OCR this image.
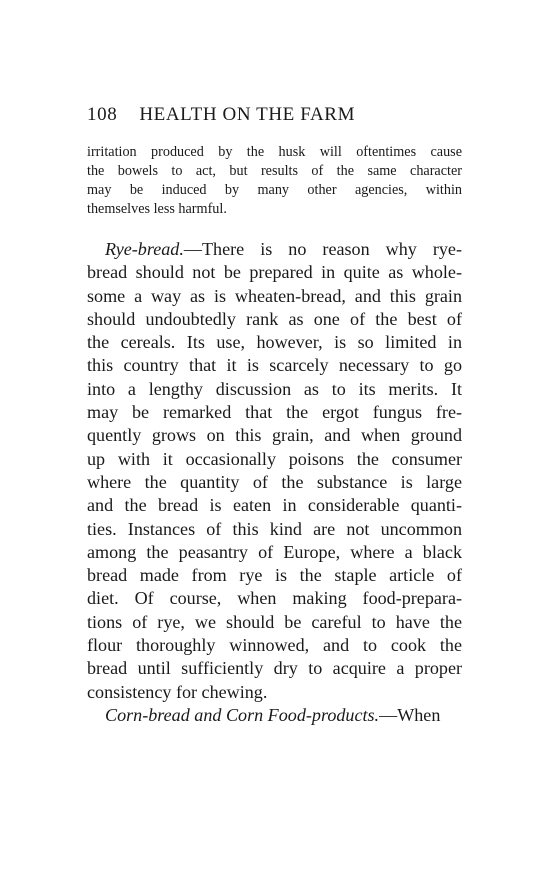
108 HEALTH ON THE FARM
irritation produced by the husk will oftentimes cause
the bowels to act, but results of the same character
may be induced by many other agencies, within
themselves less harmful.
Rye-bread.—There is no reason why rye-
bread should not be prepared in quite as whole-
some a way as is wheaten-bread, and this grain
should undoubtedly rank as one of the best of
the cereals. Its use, however, is so limited in
this country that it is scarcely necessary to go
into a lengthy discussion as to its merits. It
may be remarked that the ergot fungus fre-
quently grows on this grain, and when ground
up with it occasionally poisons the consumer
where the quantity of the substance is large
and the bread is eaten in considerable quanti-
ties. Instances of this kind are not uncommon
among the peasantry of Europe, where a black
bread made from rye is the staple article of
diet. Of course, when making food-prepara-
tions of rye, we should be careful to have the
flour thoroughly winnowed, and to cook the
bread until sufficiently dry to acquire a proper
consistency for chewing.
Corn-bread and Corn Food-products.—When
